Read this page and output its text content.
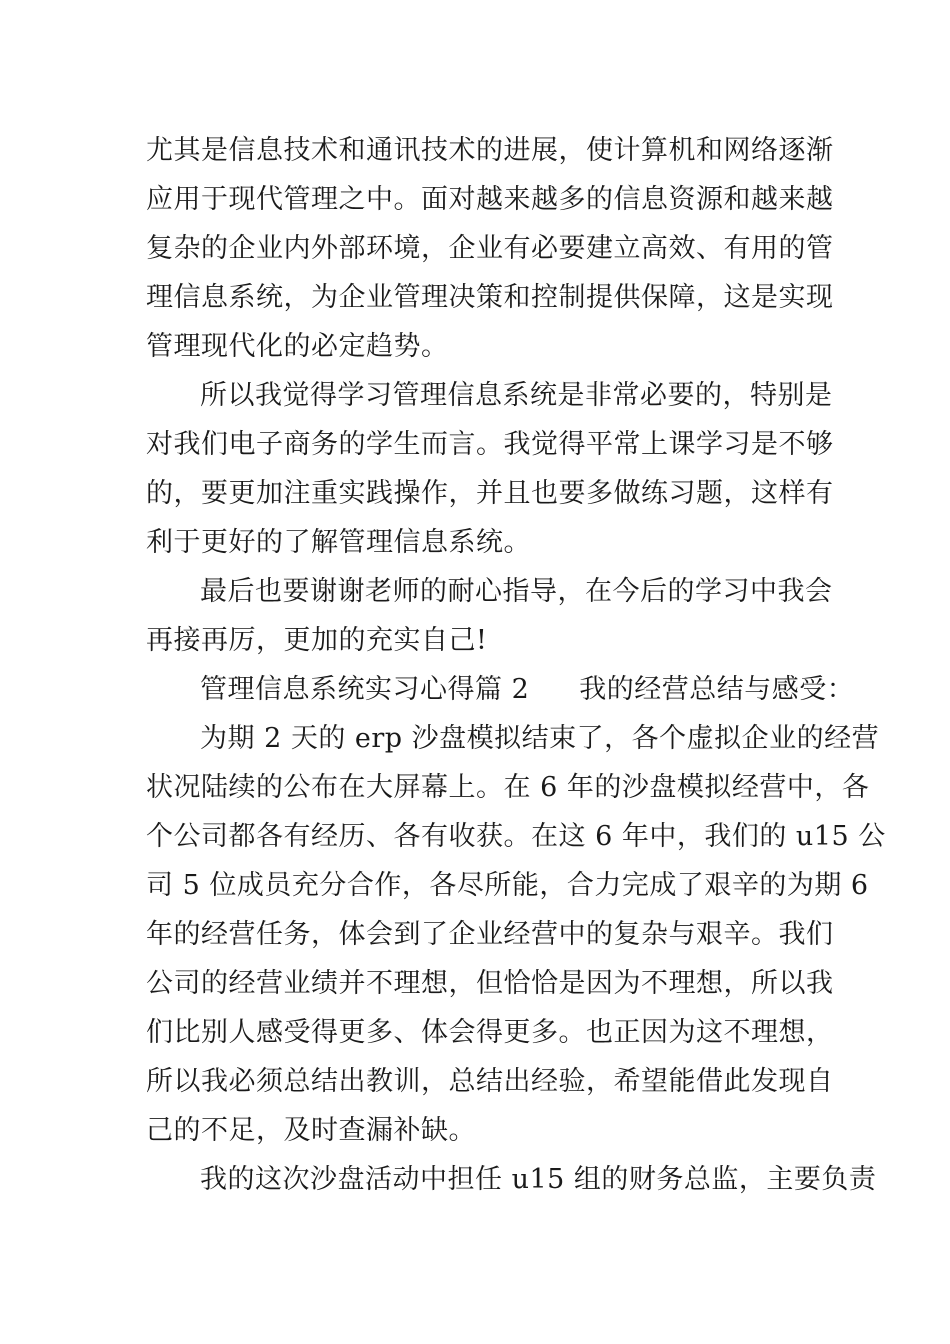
尤其是信息技术和通讯技术的进展，使计算机和网络逐渐
应用于现代管理之中。面对越来越多的信息资源和越来越
复杂的企业内外部环境，企业有必要建立高效、有用的管
理信息系统，为企业管理决策和控制提供保障，这是实现
管理现代化的必定趋势。
所以我觉得学习管理信息系统是非常必要的，特别是
对我们电子商务的学生而言。我觉得平常上课学习是不够
的，要更加注重实践操作，并且也要多做练习题，这样有
利于更好的了解管理信息系统。
最后也要谢谢老师的耐心指导，在今后的学习中我会
再接再厉，更加的充实自己!
管理信息系统实习心得篇 2 我的经营总结与感受：
为期 2 天的 erp 沙盘模拟结束了，各个虚拟企业的经营
状况陆续的公布在大屏幕上。在 6 年的沙盘模拟经营中，各
个公司都各有经历、各有收获。在这 6 年中，我们的 u15 公
司 5 位成员充分合作，各尽所能，合力完成了艰辛的为期 6
年的经营任务，体会到了企业经营中的复杂与艰辛。我们
公司的经营业绩并不理想，但恰恰是因为不理想，所以我
们比别人感受得更多、体会得更多。也正因为这不理想，
所以我必须总结出教训，总结出经验，希望能借此发现自
己的不足，及时查漏补缺。
我的这次沙盘活动中担任 u15 组的财务总监，主要负责
